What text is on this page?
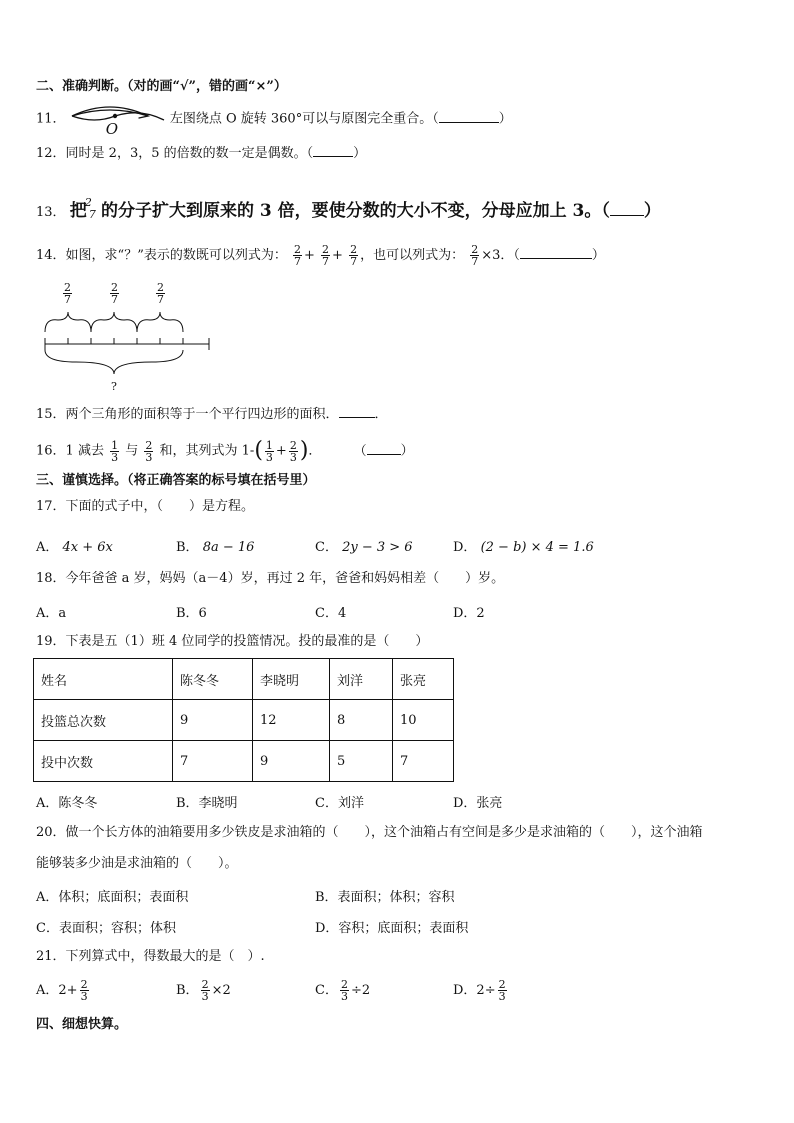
二、准确判断。（对的画“√”，错的画“×”）
11．
O
左图绕点 O 旋转 360°可以与原图完全重合。（	）
12．同时是 2，3，5 的倍数的数一定是偶数。（	）
13． 把
2
7 的分子扩大到原来的 3 倍，要使分数的大小不变，分母应加上 3。（ ）
14．如图，求“？”表示的数既可以列式为： $\frac{2}{7} + \frac{2}{7} + \frac{2}{7}$ ，也可以列式为： $\frac{2}{7} \times 3$．（	）
$\frac{2}{7}$	$\frac{2}{7}$	$\frac{2}{7}$
?
15．两个三角形的面积等于一个平行四边形的面积．	．
16．1 减去 $\frac{1}{3}$ 与 $\frac{2}{3}$ 和，其列式为 $1-( \frac{1}{3} + \frac{2}{3}$ )． （	）
三、谨慎选择。（将正确答案的标号填在括号里）
17．下面的式子中，（　　）是方程。
A． 4x + 6x	B． 8a − 16	C． 2y − 3 > 6	D． (2 − b) × 4 = 1.6
18．今年爸爸 a 岁，妈妈（a－4）岁，再过 2 年，爸爸和妈妈相差（　　）岁。
A．a	B．6	C．4	D．2
19．下表是五（1）班 4 位同学的投篮情况。投的最准的是（　　）
姓名	陈冬冬	李晓明	刘洋	张亮
投篮总次数	9	12	8	10
投中次数	7	9	5	7
A．陈冬冬	B．李晓明	C．刘洋	D．张亮
20．做一个长方体的油箱要用多少铁皮是求油箱的（　　），这个油箱占有空间是多少是求油箱的（　　），这个油箱
能够装多少油是求油箱的（　　）。
A．体积；底面积；表面积	B．表面积；体积；容积
C．表面积；容积；体积	D．容积；底面积；表面积
21．下列算式中，得数最大的是（　）.
A．$2+ \frac{2}{3}$	B． $\frac{2}{3} \times 2$	C． $\frac{2}{3} \div 2$	D．$2\div \frac{2}{3}$
四、细想快算。
